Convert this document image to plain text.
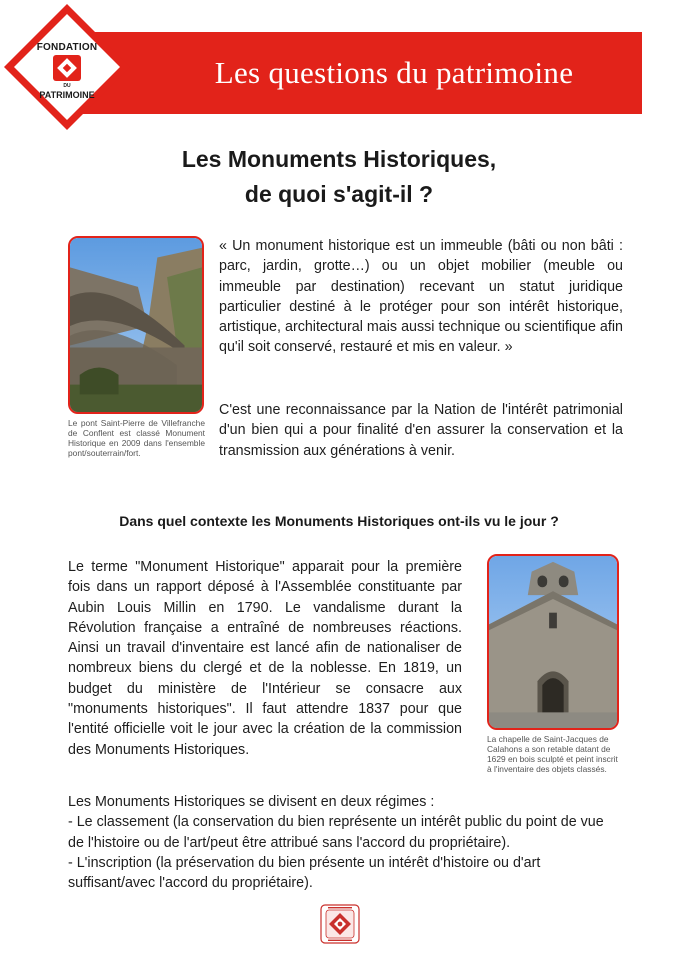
Les questions du patrimoine
FONDATION
DU
PATRIMOINE
Les Monuments Historiques,
de quoi s'agit-il ?
Le pont Saint-Pierre de Villefranche de Conflent est classé Monument Historique en 2009 dans l'ensemble pont/souterrain/fort.
« Un monument historique est un immeuble (bâti ou non bâti : parc, jardin, grotte…) ou un objet mobilier (meuble ou immeuble par destination) recevant un statut juridique particulier destiné à le protéger pour son intérêt historique, artistique, architectural mais aussi technique ou scientifique afin qu'il soit conservé, restauré et mis en valeur. »
C'est une reconnaissance par la Nation de l'intérêt patrimonial d'un bien qui a pour finalité d'en assurer la conservation et la transmission aux générations à venir.
Dans quel contexte les Monuments Historiques ont-ils vu le jour ?
Le terme "Monument Historique" apparait pour la première fois dans un rapport déposé à l'Assemblée constituante par Aubin Louis Millin en 1790. Le vandalisme durant la Révolution française a entraîné de nombreuses réactions. Ainsi un travail d'inventaire est lancé afin de nationaliser de nombreux biens du clergé et de la noblesse. En 1819, un budget du ministère de l'Intérieur se consacre aux "monuments historiques". Il faut attendre 1837 pour que l'entité officielle voit le jour avec la création de la commission des Monuments Historiques.
La chapelle de Saint-Jacques de Calahons a son retable datant de 1629 en bois sculpté et peint inscrit à l'inventaire des objets classés.
Les Monuments Historiques se divisent en deux régimes :
- Le classement (la conservation du bien représente un intérêt public du point de vue de l'histoire ou de l'art/peut être attribué sans l'accord du propriétaire).
- L'inscription (la préservation du bien présente un intérêt d'histoire ou d'art suffisant/avec l'accord du propriétaire).
